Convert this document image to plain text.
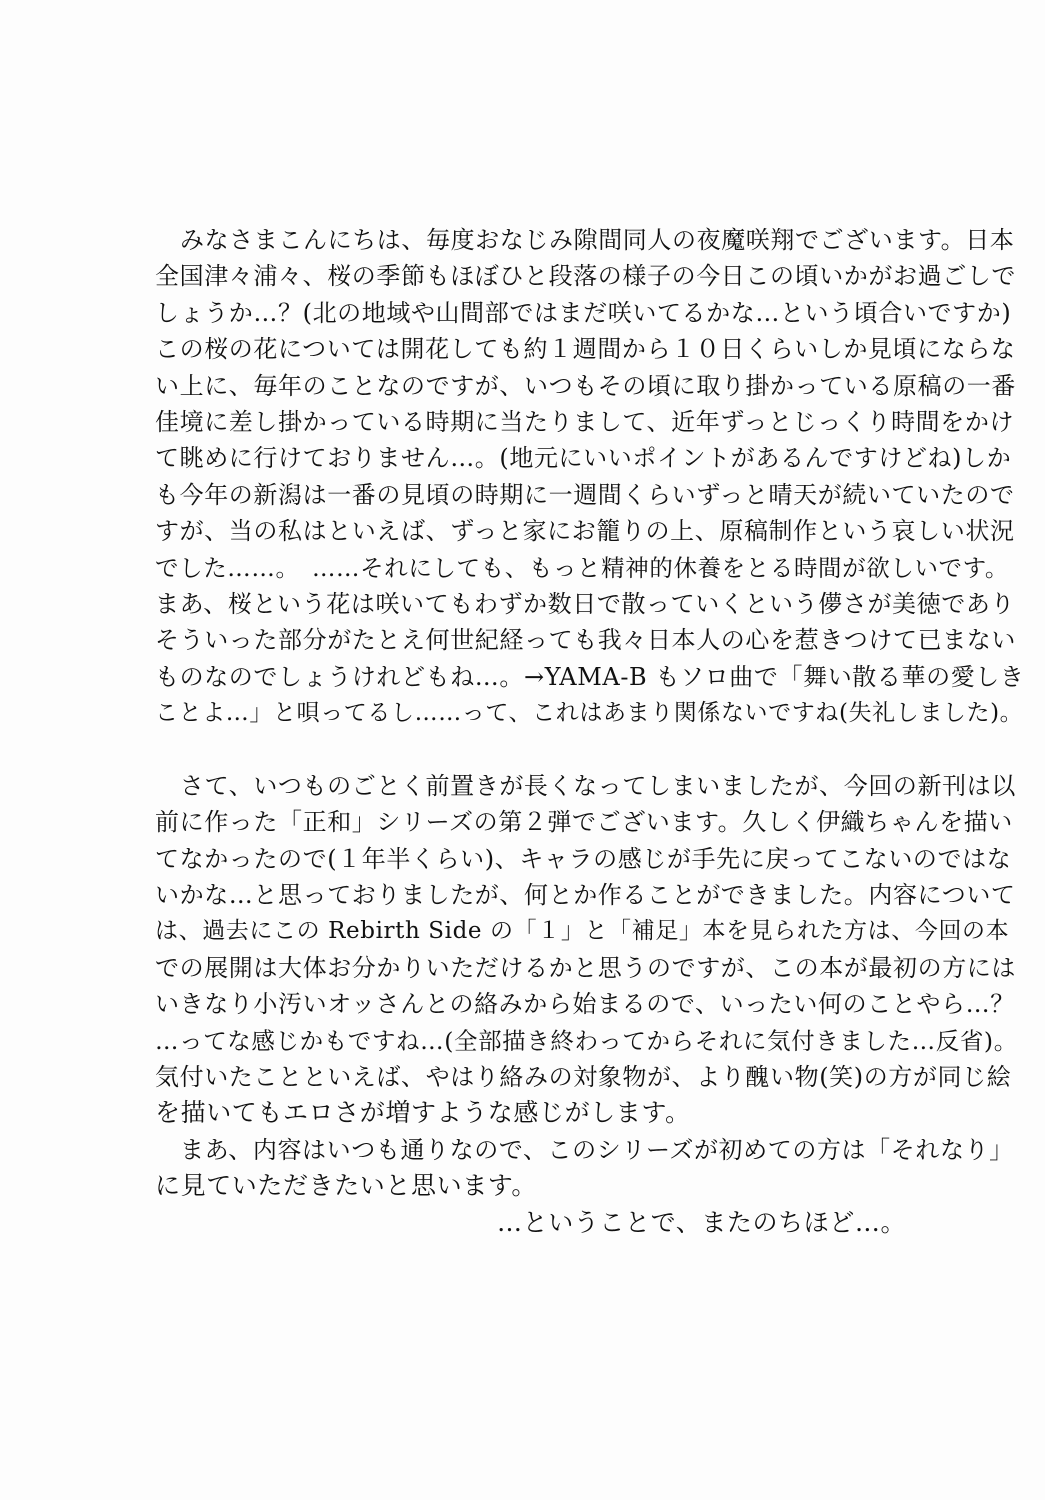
みなさまこんにちは、毎度おなじみ隙間同人の夜魔咲翔でございます。日本
全国津々浦々、桜の季節もほぼひと段落の様子の今日この頃いかがお過ごしで
しょうか…？(北の地域や山間部ではまだ咲いてるかな…という頃合いですか)
この桜の花については開花しても約１週間から１０日くらいしか見頃にならな
い上に、毎年のことなのですが、いつもその頃に取り掛かっている原稿の一番
佳境に差し掛かっている時期に当たりまして、近年ずっとじっくり時間をかけ
て眺めに行けておりません…。(地元にいいポイントがあるんですけどね)しか
も今年の新潟は一番の見頃の時期に一週間くらいずっと晴天が続いていたので
すが、当の私はといえば、ずっと家にお籠りの上、原稿制作という哀しい状況
でした……。　……それにしても、もっと精神的休養をとる時間が欲しいです。
まあ、桜という花は咲いてもわずか数日で散っていくという儚さが美徳であり
そういった部分がたとえ何世紀経っても我々日本人の心を惹きつけて已まない
ものなのでしょうけれどもね…。→YAMA-B もソロ曲で「舞い散る華の愛しき
ことよ…」と唄ってるし……って、これはあまり関係ないですね(失礼しました)。
さて、いつものごとく前置きが長くなってしまいましたが、今回の新刊は以
前に作った「正和」シリーズの第２弾でございます。久しく伊織ちゃんを描い
てなかったので(１年半くらい)、キャラの感じが手先に戻ってこないのではな
いかな…と思っておりましたが、何とか作ることができました。内容について
は、過去にこの Rebirth Side の「１」と「補足」本を見られた方は、今回の本
での展開は大体お分かりいただけるかと思うのですが、この本が最初の方には
いきなり小汚いオッさんとの絡みから始まるので、いったい何のことやら…？
…ってな感じかもですね…(全部描き終わってからそれに気付きました…反省)。
気付いたことといえば、やはり絡みの対象物が、より醜い物(笑)の方が同じ絵
を描いてもエロさが増すような感じがします。
まあ、内容はいつも通りなので、このシリーズが初めての方は「それなり」
に見ていただきたいと思います。
…ということで、またのちほど…。
